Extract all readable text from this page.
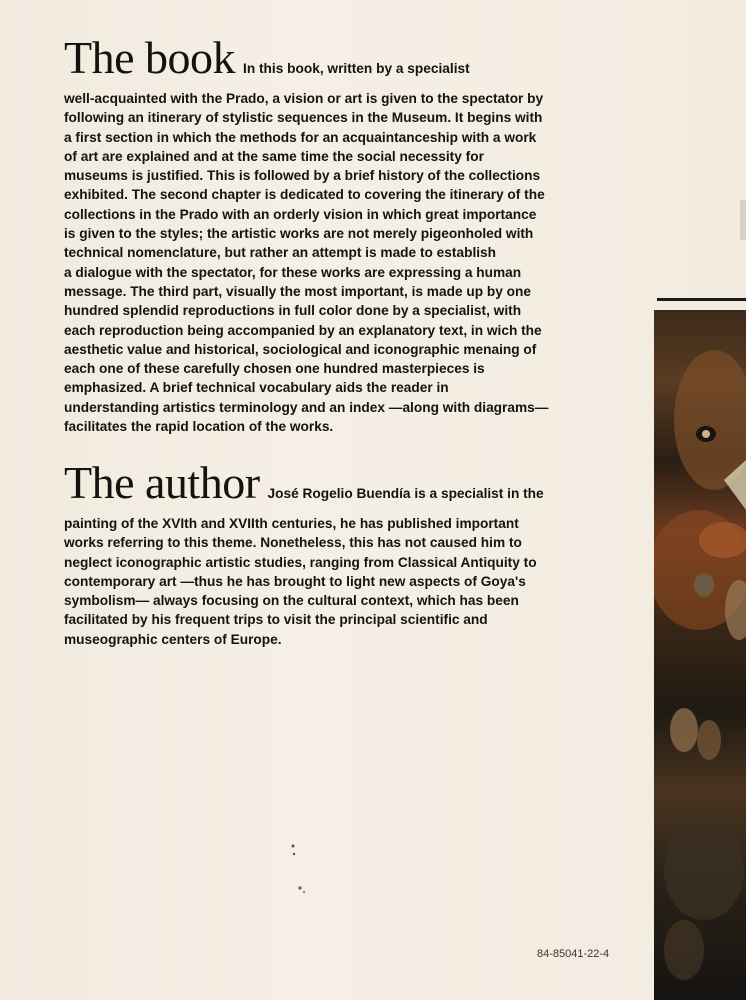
The book In this book, written by a specialist
well-acquainted with the Prado, a vision or art is given to the spectator by
following an itinerary of stylistic sequences in the Museum. It begins with
a first section in which the methods for an acquaintanceship with a work
of art are explained and at the same time the social necessity for
museums is justified. This is followed by a brief history of the collections
exhibited. The second chapter is dedicated to covering the itinerary of the
collections in the Prado with an orderly vision in which great importance
is given to the styles; the artistic works are not merely pigeonholed with
technical nomenclature, but rather an attempt is made to establish
a dialogue with the spectator, for these works are expressing a human
message. The third part, visually the most important, is made up by one
hundred splendid reproductions in full color done by a specialist, with
each reproduction being accompanied by an explanatory text, in wich the
aesthetic value and historical, sociological and iconographic menaing of
each one of these carefully chosen one hundred masterpieces is
emphasized. A brief technical vocabulary aids the reader in
understanding artistics terminology and an index —along with diagrams—
facilitates the rapid location of the works.
The author José Rogelio Buendía is a specialist in the
painting of the XVIth and XVIIth centuries, he has published important
works referring to this theme. Nonetheless, this has not caused him to
neglect iconographic artistic studies, ranging from Classical Antiquity to
contemporary art —thus he has brought to light new aspects of Goya's
symbolism— always focusing on the cultural context, which has been
facilitated by his frequent trips to visit the principal scientific and
museographic centers of Europe.
84-85041-22-4
